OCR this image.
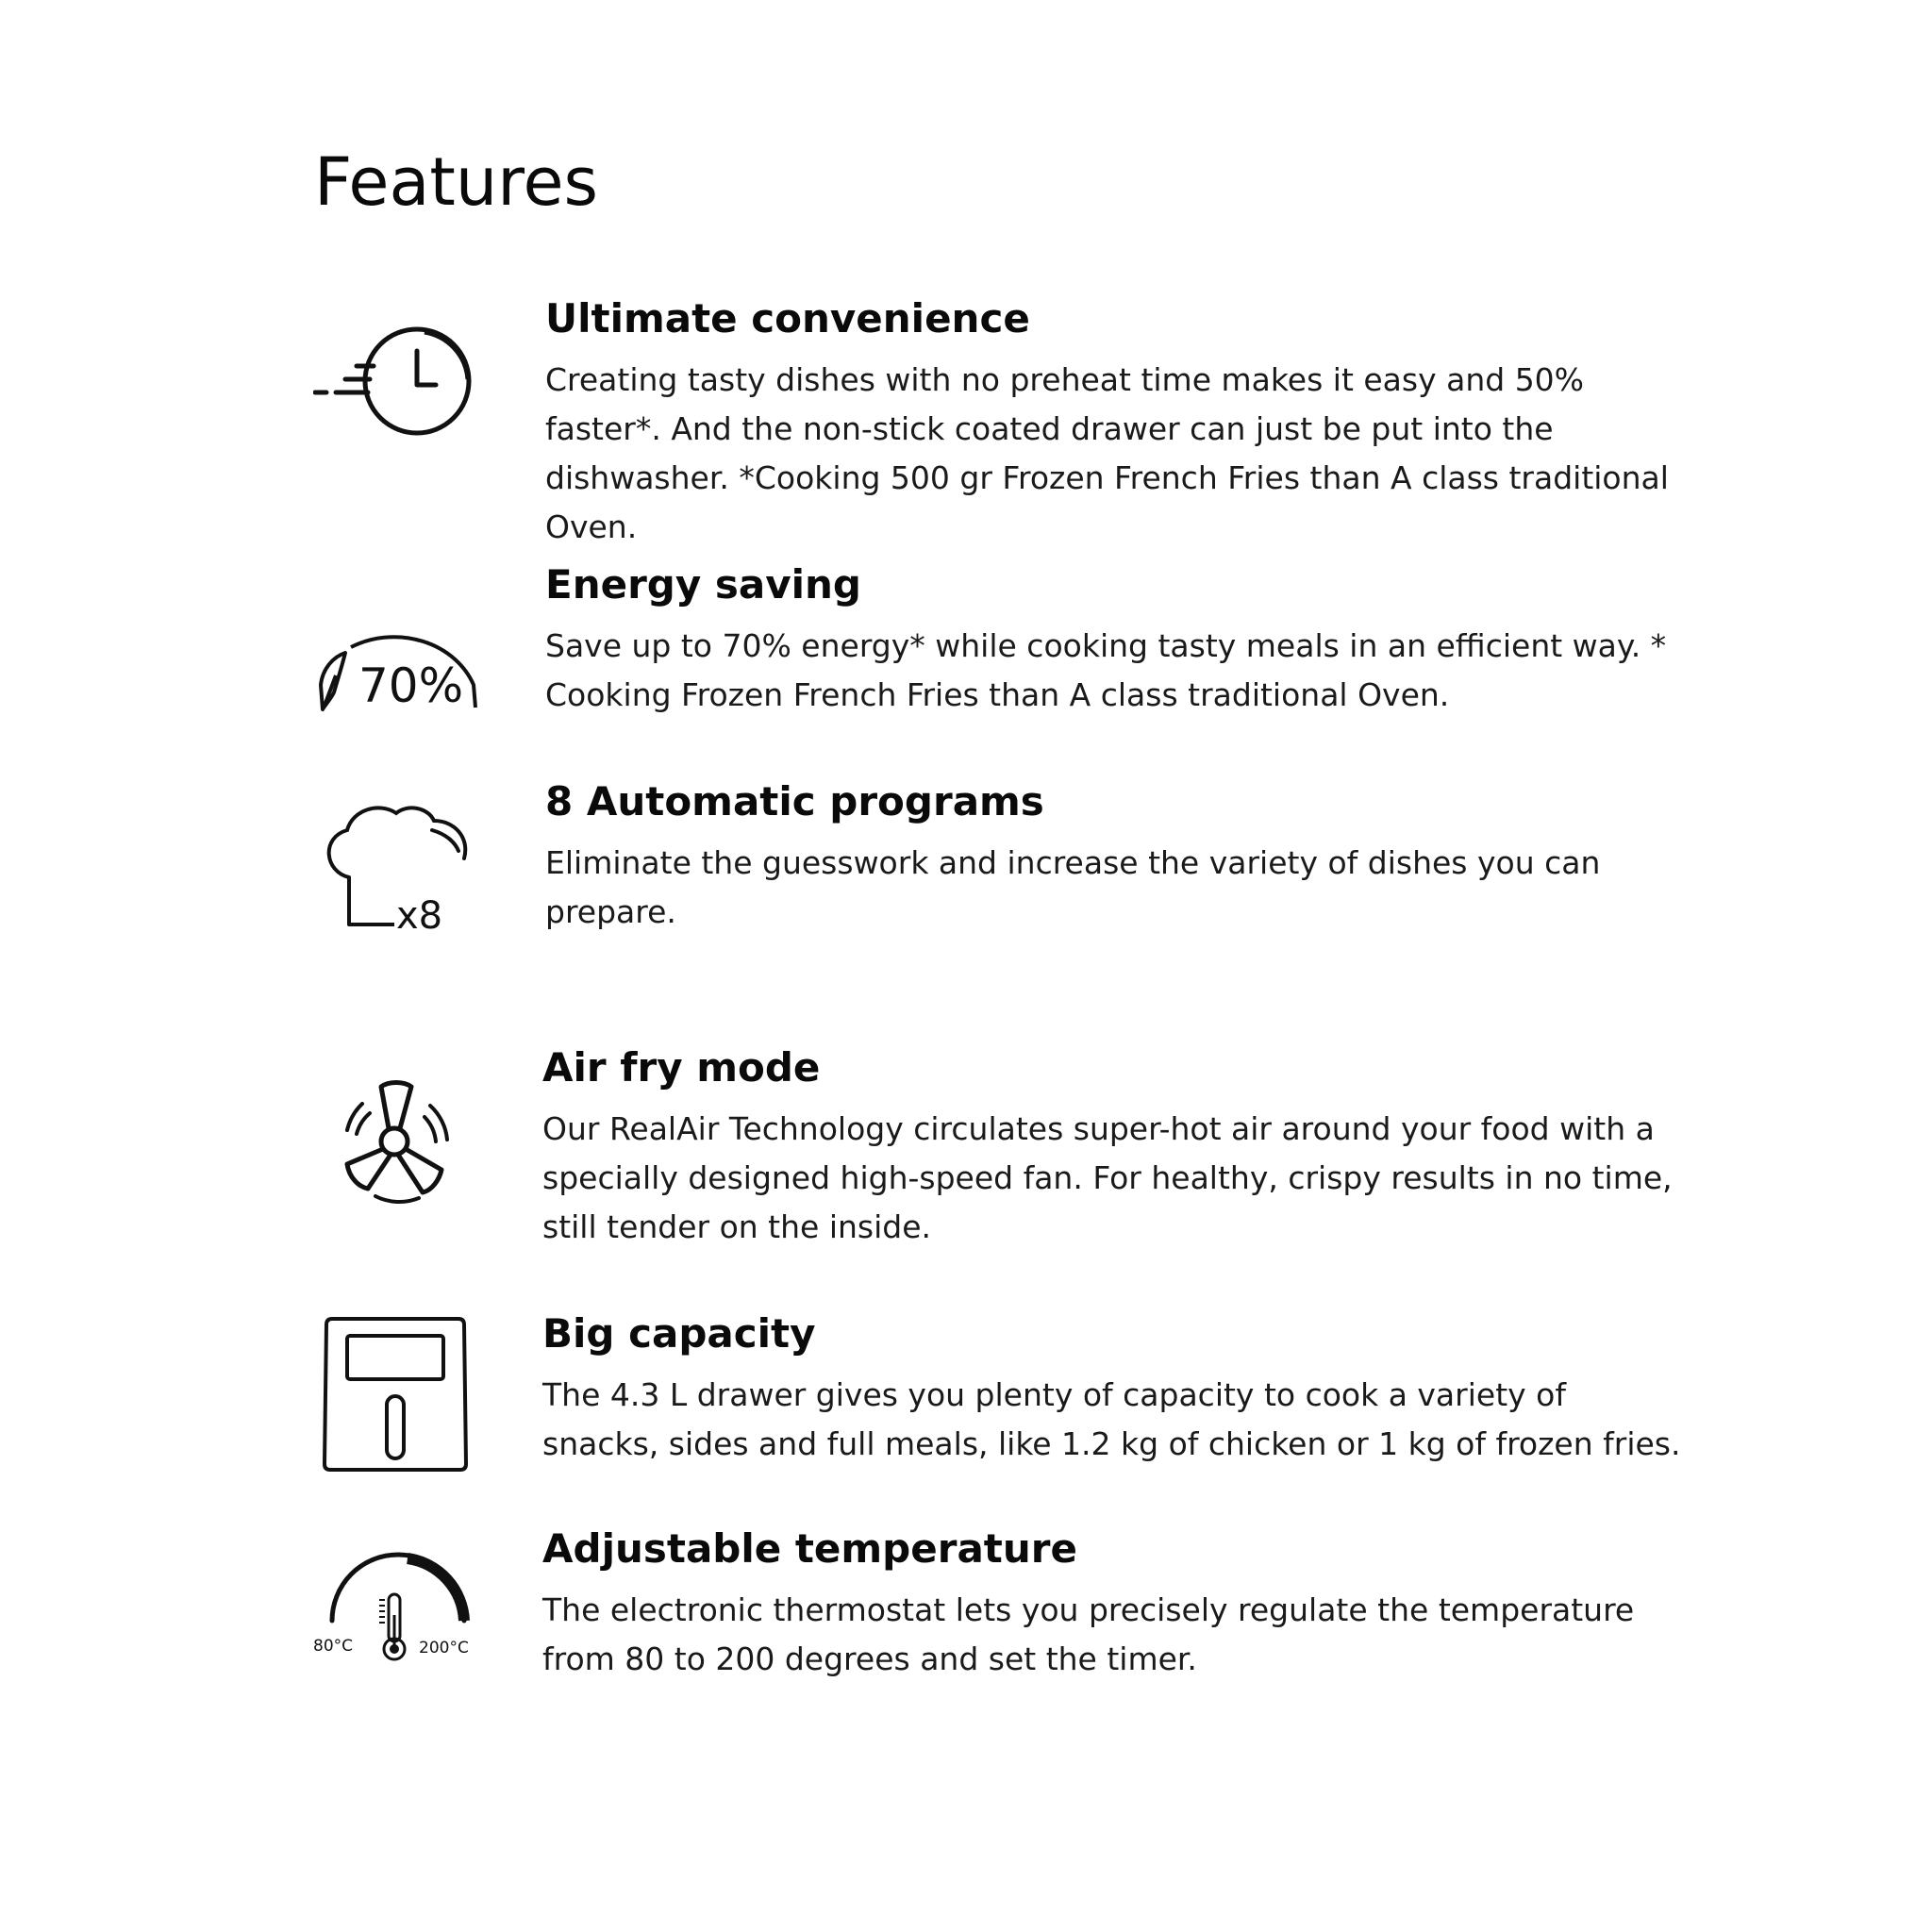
Features
Ultimate convenience

Creating tasty dishes with no preheat time makes it easy and 50% faster*. And the non-stick coated drawer can just be put into the dishwasher. *Cooking 500 gr Frozen French Fries than A class traditional Oven.

70%
Energy saving

Save up to 70% energy* while cooking tasty meals in an efficient way. * Cooking Frozen French Fries than A class traditional Oven.

x8
8 Automatic programs

Eliminate the guesswork and increase the variety of dishes you can prepare.

Air fry mode

Our RealAir Technology circulates super-hot air around your food with a specially designed high-speed fan. For healthy, crispy results in no time, still tender on the inside.

Big capacity

The 4.3 L drawer gives you plenty of capacity to cook a variety of snacks, sides and full meals, like 1.2 kg of chicken or 1 kg of frozen fries.

80°C	200°C
Adjustable temperature

The electronic thermostat lets you precisely regulate the temperature from 80 to 200 degrees and set the timer.
